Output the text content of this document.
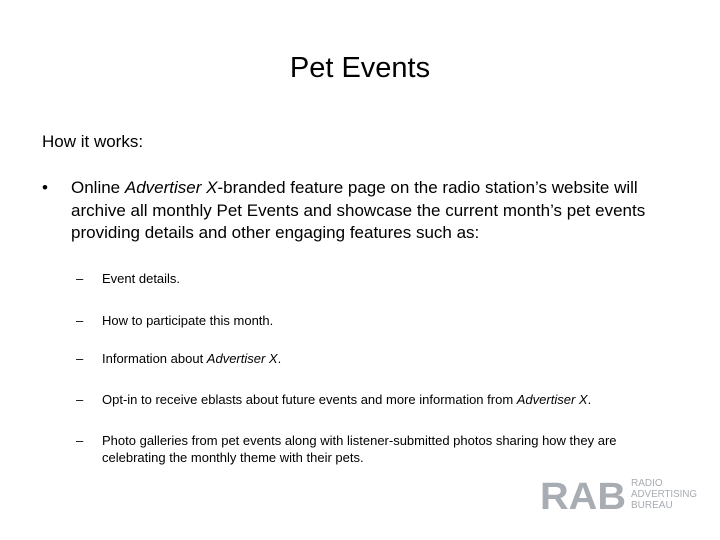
Pet Events
How it works:
• Online Advertiser X-branded feature page on the radio station’s website will archive all monthly Pet Events and showcase the current month’s pet events providing details and other engaging features such as:
– Event details.
– How to participate this month.
– Information about Advertiser X.
– Opt-in to receive eblasts about future events and more information from Advertiser X.
– Photo galleries from pet events along with listener-submitted photos sharing how they are celebrating the monthly theme with their pets.
RAB RADIO
ADVERTISING
BUREAU
